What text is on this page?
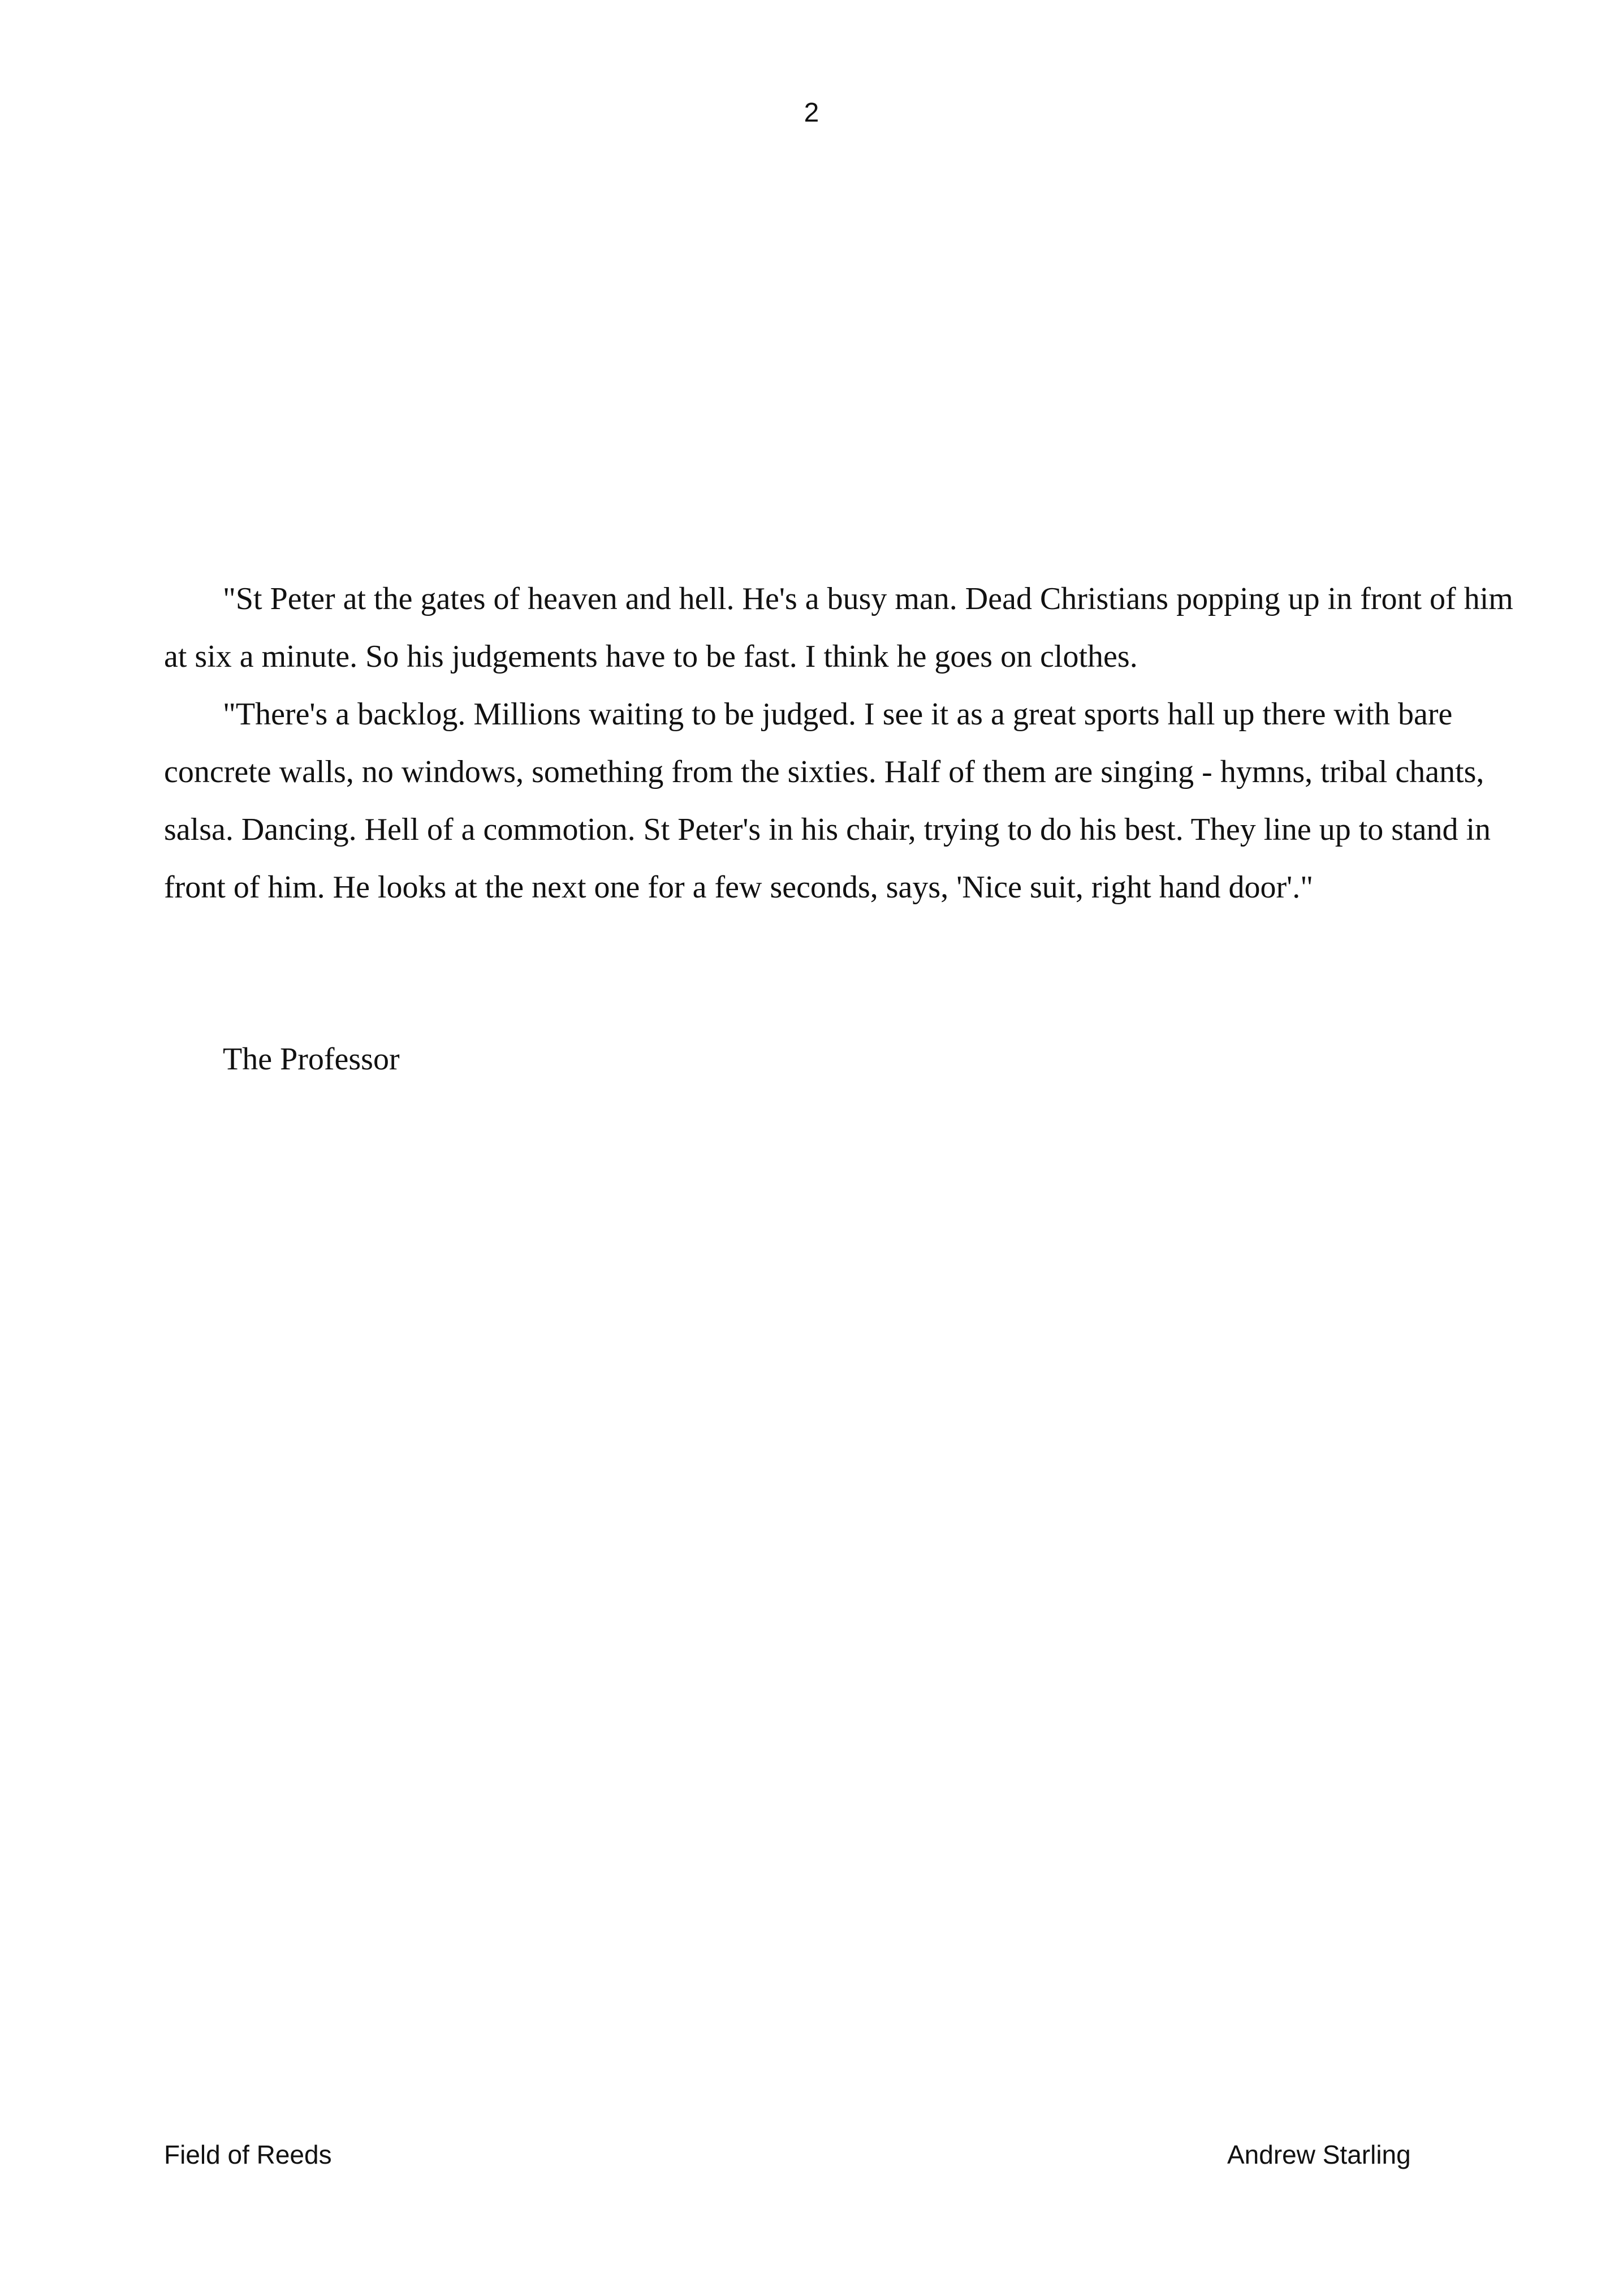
2

"St Peter at the gates of heaven and hell. He's a busy man. Dead Christians popping up in front of him at six a minute. So his judgements have to be fast. I think he goes on clothes.

"There's a backlog. Millions waiting to be judged. I see it as a great sports hall up there with bare concrete walls, no windows, something from the sixties. Half of them are singing - hymns, tribal chants, salsa. Dancing. Hell of a commotion. St Peter's in his chair, trying to do his best. They line up to stand in front of him. He looks at the next one for a few seconds, says, 'Nice suit, right hand door'."

The Professor
Field of Reeds	Andrew Starling
